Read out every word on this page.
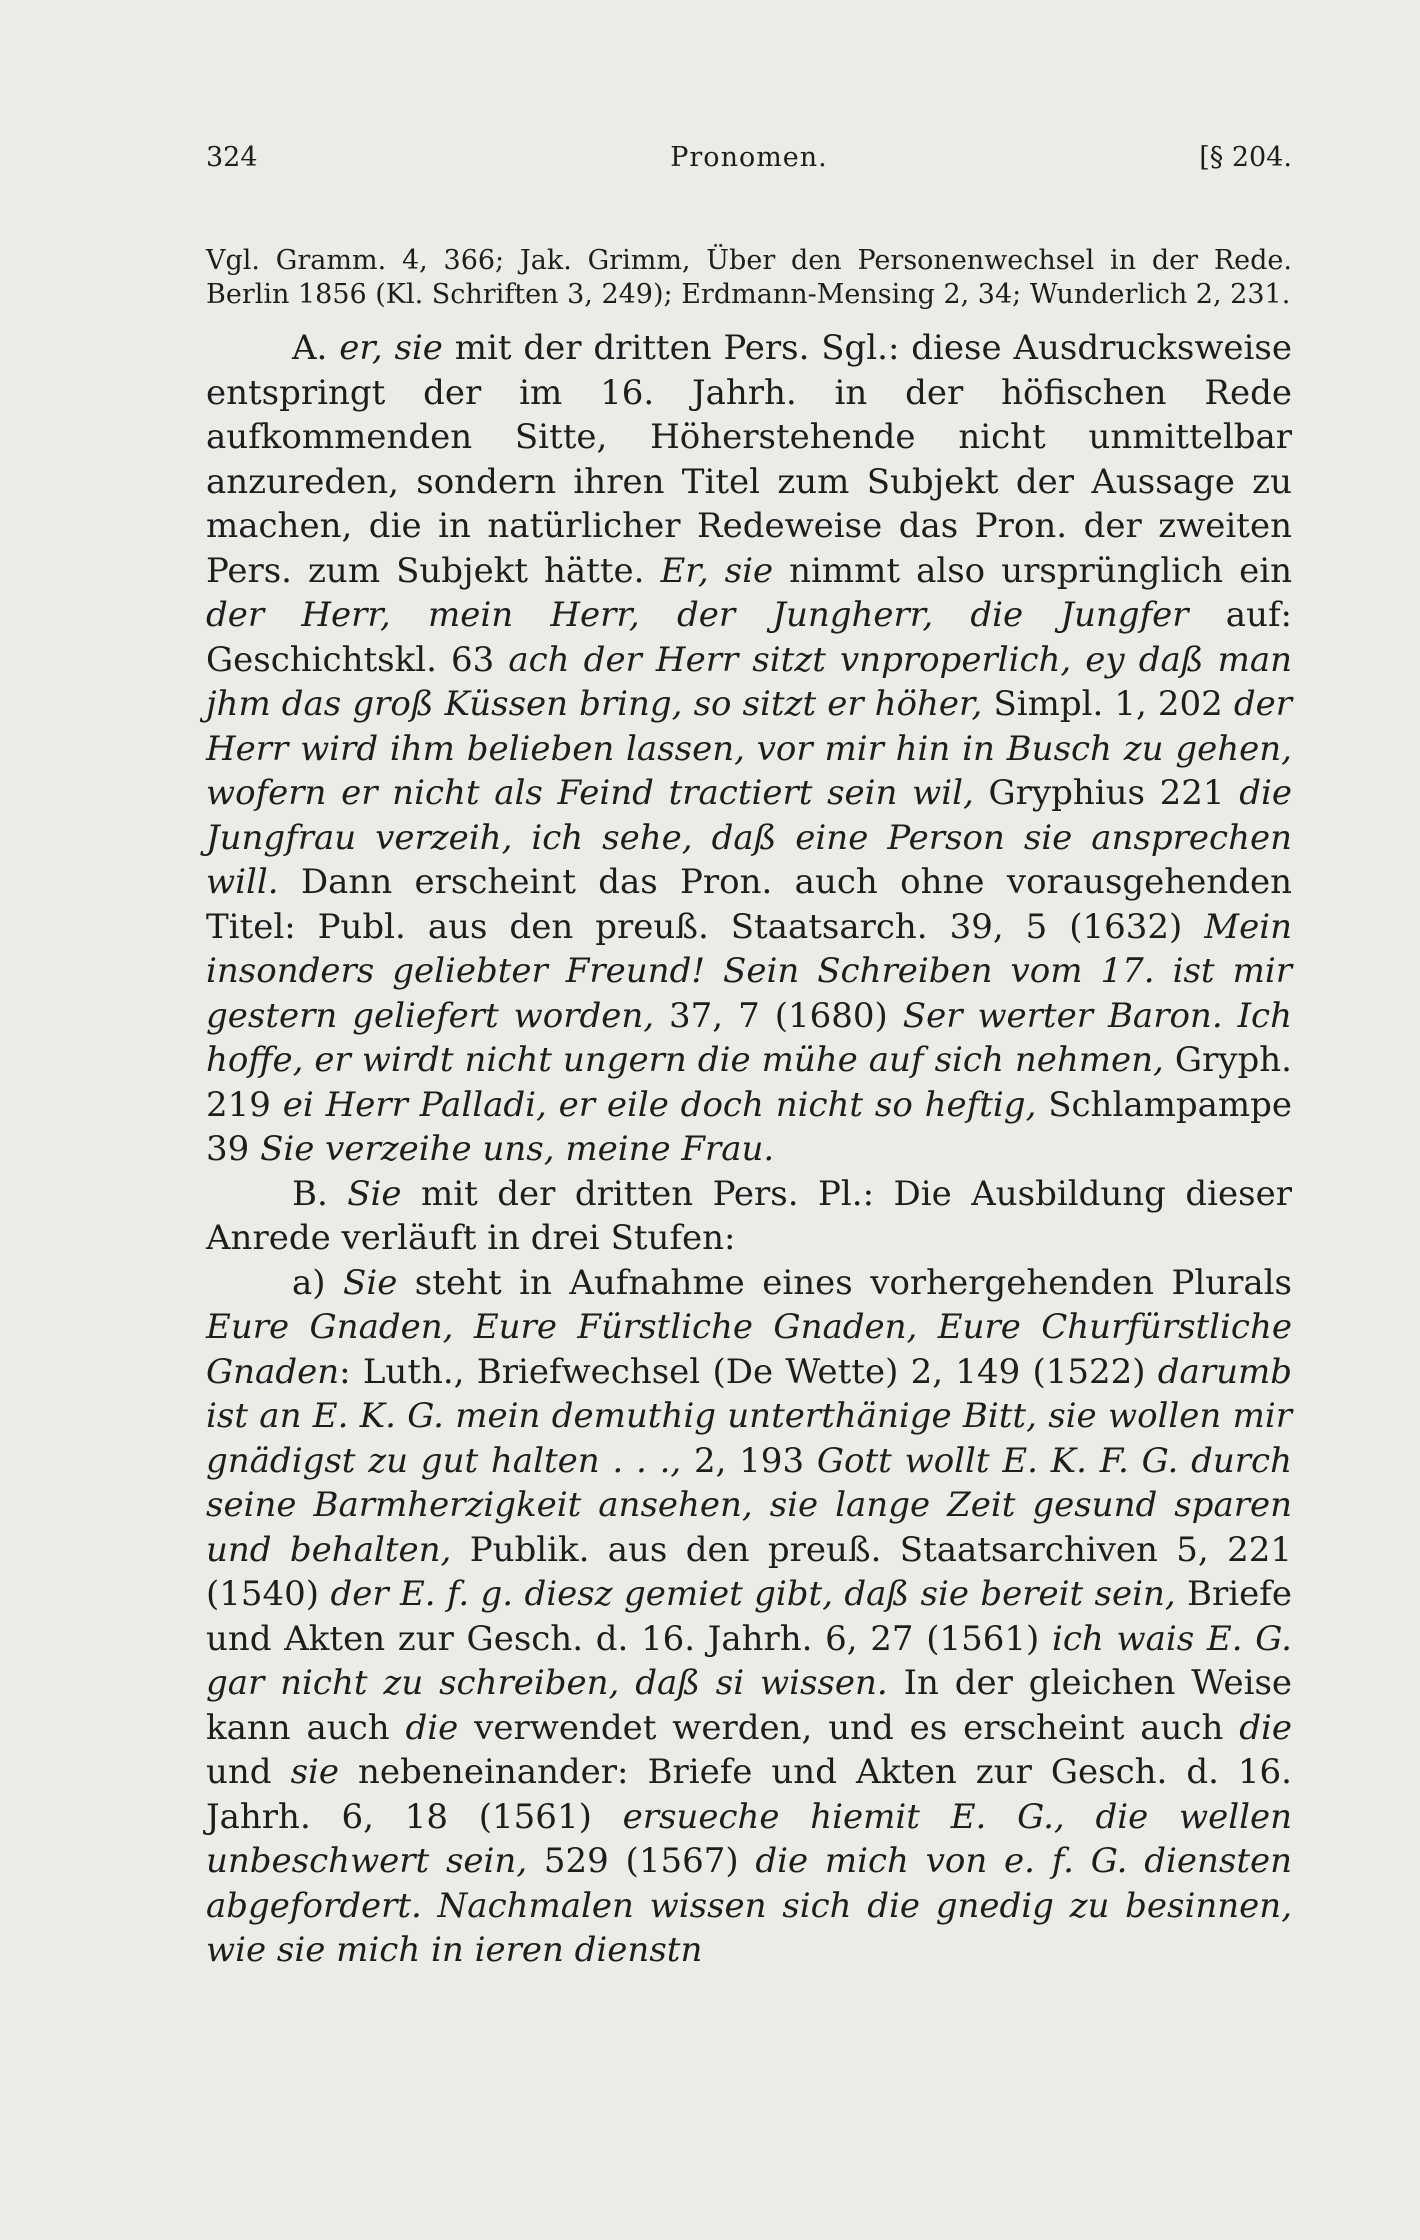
324	Pronomen.	[§ 204.
Vgl. Gramm. 4, 366; Jak. Grimm, Über den Personenwechsel in der Rede. Berlin 1856 (Kl. Schriften 3, 249); Erdmann-Mensing 2, 34; Wunderlich 2, 231.

A. er, sie mit der dritten Pers. Sgl.: diese Ausdrucksweise entspringt der im 16. Jahrh. in der höfischen Rede aufkommenden Sitte, Höherstehende nicht unmittelbar anzureden, sondern ihren Titel zum Subjekt der Aussage zu machen, die in natürlicher Redeweise das Pron. der zweiten Pers. zum Subjekt hätte. Er, sie nimmt also ursprünglich ein der Herr, mein Herr, der Jungherr, die Jungfer auf: Geschichtskl. 63 ach der Herr sitzt vnproperlich, ey daß man jhm das groß Küssen bring, so sitzt er höher, Simpl. 1, 202 der Herr wird ihm belieben lassen, vor mir hin in Busch zu gehen, wofern er nicht als Feind tractiert sein wil, Gryphius 221 die Jungfrau verzeih, ich sehe, daß eine Person sie ansprechen will. Dann erscheint das Pron. auch ohne vorausgehenden Titel: Publ. aus den preuß. Staatsarch. 39, 5 (1632) Mein insonders geliebter Freund! Sein Schreiben vom 17. ist mir gestern geliefert worden, 37, 7 (1680) Ser werter Baron. Ich hoffe, er wirdt nicht ungern die mühe auf sich nehmen, Gryph. 219 ei Herr Palladi, er eile doch nicht so heftig, Schlampampe 39 Sie verzeihe uns, meine Frau.

B. Sie mit der dritten Pers. Pl.: Die Ausbildung dieser Anrede verläuft in drei Stufen:

a) Sie steht in Aufnahme eines vorhergehenden Plurals Eure Gnaden, Eure Fürstliche Gnaden, Eure Churfürstliche Gnaden: Luth., Briefwechsel (De Wette) 2, 149 (1522) darumb ist an E. K. G. mein demuthig unterthänige Bitt, sie wollen mir gnädigst zu gut halten . . ., 2, 193 Gott wollt E. K. F. G. durch seine Barmherzigkeit ansehen, sie lange Zeit gesund sparen und behalten, Publik. aus den preuß. Staatsarchiven 5, 221 (1540) der E. f. g. diesz gemiet gibt, daß sie bereit sein, Briefe und Akten zur Gesch. d. 16. Jahrh. 6, 27 (1561) ich wais E. G. gar nicht zu schreiben, daß si wissen. In der gleichen Weise kann auch die verwendet werden, und es erscheint auch die und sie nebeneinander: Briefe und Akten zur Gesch. d. 16. Jahrh. 6, 18 (1561) ersueche hiemit E. G., die wellen unbeschwert sein, 529 (1567) die mich von e. f. G. diensten abgefordert. Nachmalen wissen sich die gnedig zu besinnen, wie sie mich in ieren dienstn
